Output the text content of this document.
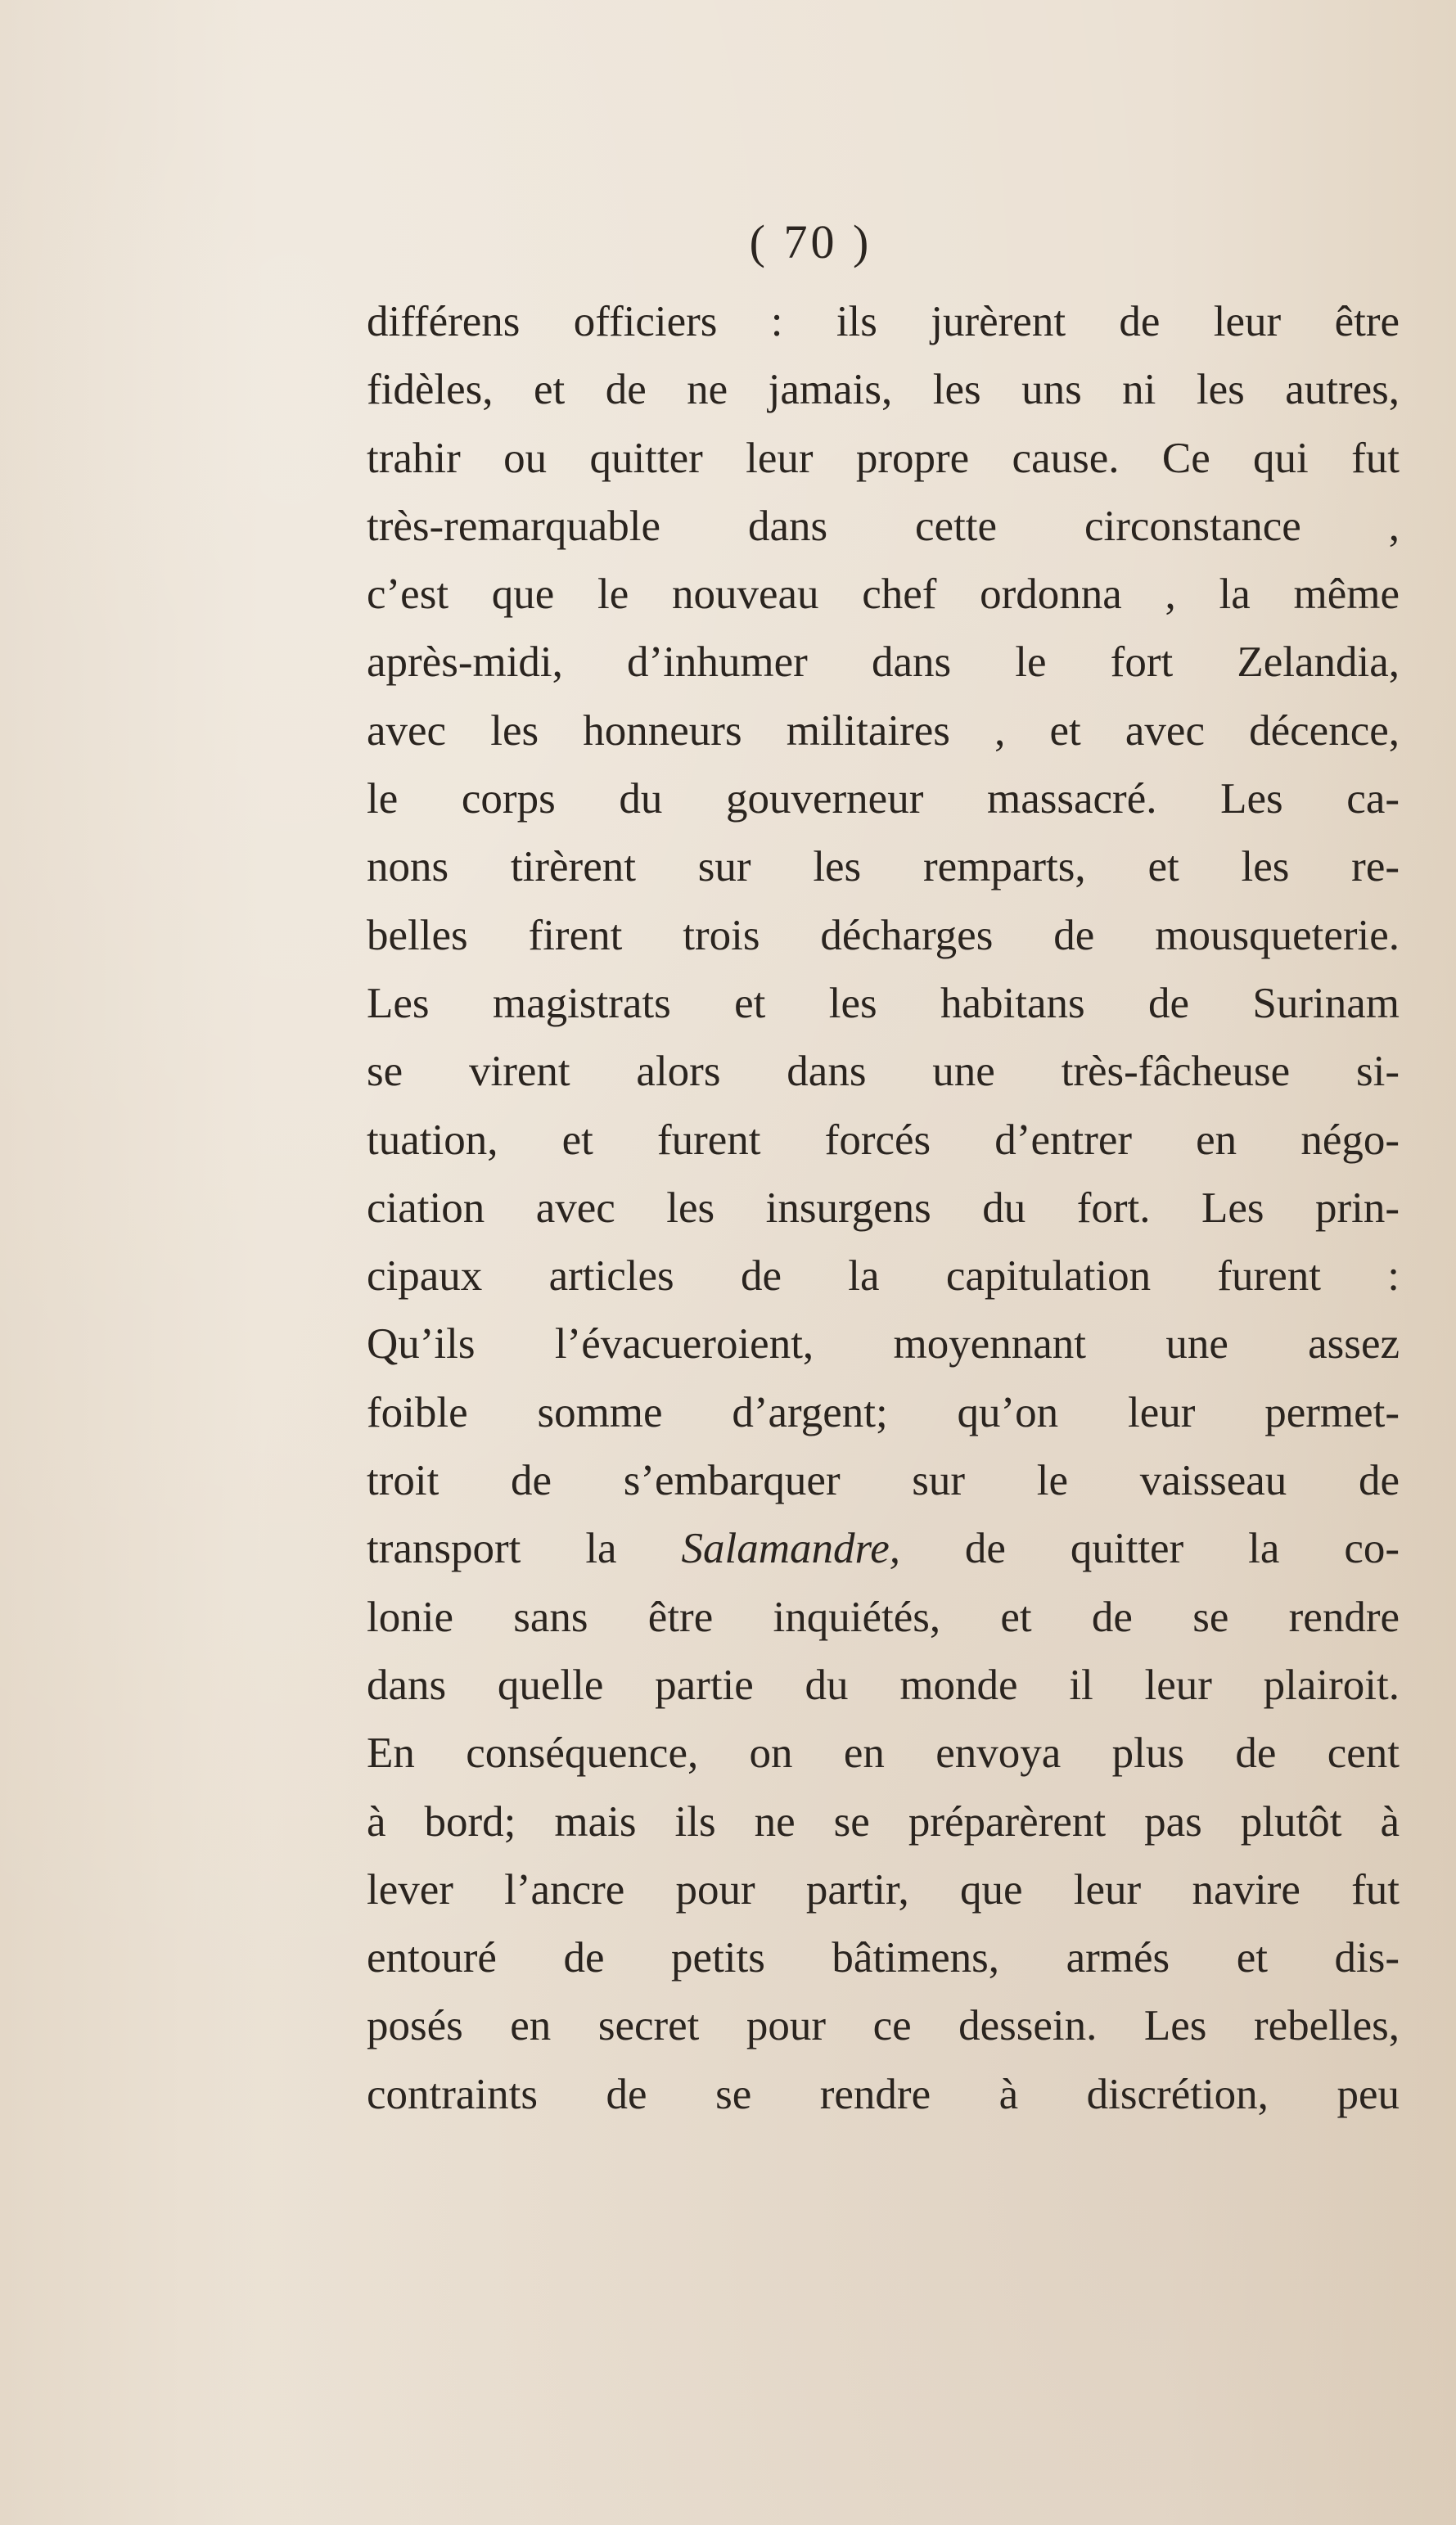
( 70 )
différens officiers : ils jurèrent de leur être
fidèles, et de ne jamais, les uns ni les autres,
trahir ou quitter leur propre cause. Ce qui fut
très-remarquable dans cette circonstance ,
c’est que le nouveau chef ordonna , la même
après-midi, d’inhumer dans le fort Zelandia,
avec les honneurs militaires , et avec décence,
le corps du gouverneur massacré. Les ca-
nons tirèrent sur les remparts, et les re-
belles firent trois décharges de mousqueterie.
Les magistrats et les habitans de Surinam
se virent alors dans une très-fâcheuse si-
tuation, et furent forcés d’entrer en négo-
ciation avec les insurgens du fort. Les prin-
cipaux articles de la capitulation furent :
Qu’ils l’évacueroient, moyennant une assez
foible somme d’argent; qu’on leur permet-
troit de s’embarquer sur le vaisseau de
transport la Salamandre, de quitter la co-
lonie sans être inquiétés, et de se rendre
dans quelle partie du monde il leur plairoit.
En conséquence, on en envoya plus de cent
à bord; mais ils ne se préparèrent pas plutôt à
lever l’ancre pour partir, que leur navire fut
entouré de petits bâtimens, armés et dis-
posés en secret pour ce dessein. Les rebelles,
contraints de se rendre à discrétion, peu
